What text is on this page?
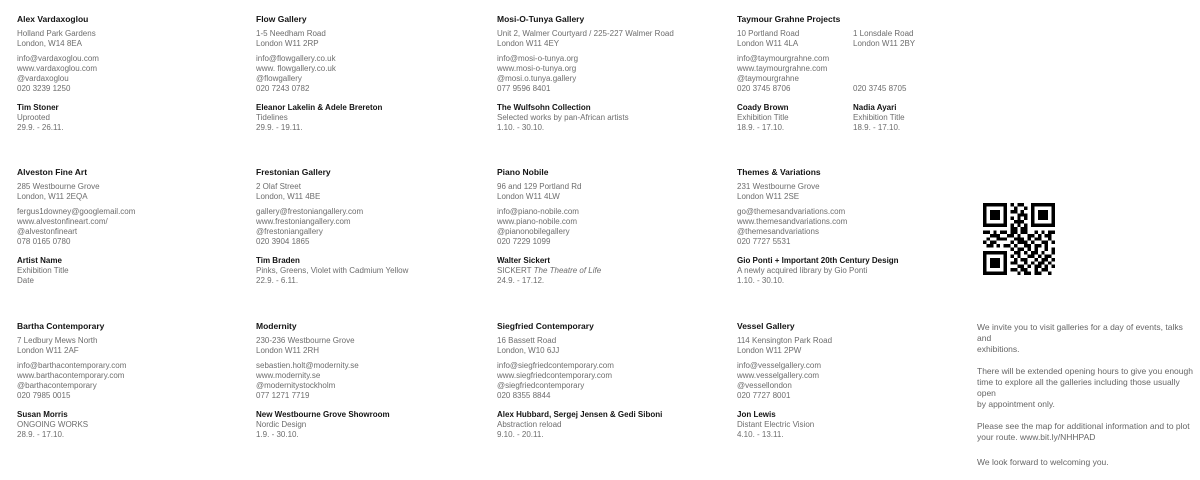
Alex Vardaxoglou
Holland Park Gardens
London, W14 8EA
info@vardaxoglou.com
www.vardaxoglou.com
@vardaxoglou
020 3239 1250
Tim Stoner
Uprooted
29.9. - 26.11.
Alveston Fine Art
285 Westbourne Grove
London, W11 2EQA
fergus1downey@googlemail.com
www.alvestonfineart.com/
@alvestonfineart
078 0165 0780
Artist Name
Exhibition Title
Date
Bartha Contemporary
7 Ledbury Mews North
London W11 2AF
info@barthacontemporary.com
www.barthacontemporary.com
@barthacontemporary
020 7985 0015
Susan Morris
ONGOING WORKS
28.9. - 17.10.
Flow Gallery
1-5 Needham Road
London W11 2RP
info@flowgallery.co.uk
www. flowgallery.co.uk
@flowgallery
020 7243 0782
Eleanor Lakelin & Adele Brereton
Tidelines
29.9. - 19.11.
Frestonian Gallery
2 Olaf Street
London, W11 4BE
gallery@frestoniangallery.com
www.frestoniangallery.com
@frestoniangallery
020 3904 1865
Tim Braden
Pinks, Greens, Violet with Cadmium Yellow
22.9. - 6.11.
Modernity
230-236 Westbourne Grove
London W11 2RH
sebastien.holt@modernity.se
www.modernity.se
@modernitystockholm
077 1271 7719
New Westbourne Grove Showroom
Nordic Design
1.9. - 30.10.
Mosi-O-Tunya Gallery
Unit 2, Walmer Courtyard / 225-227 Walmer Road
London W11 4EY
info@mosi-o-tunya.org
www.mosi-o-tunya.org
@mosi.o.tunya.gallery
077 9596 8401
The Wulfsohn Collection
Selected works by pan-African artists
1.10. - 30.10.
Piano Nobile
96 and 129 Portland Rd
London W11 4LW
info@piano-nobile.com
www.piano-nobile.com
@pianonobilegallery
020 7229 1099
Walter Sickert
SICKERT The Theatre of Life
24.9. - 17.12.
Siegfried Contemporary
16 Bassett Road
London, W10 6JJ
info@siegfriedcontemporary.com
www.siegfriedcontemporary.com
@siegfriedcontemporary
020 8355 8844
Alex Hubbard, Sergej Jensen & Gedi Siboni
Abstraction reload
9.10. - 20.11.
Taymour Grahne Projects
10 Portland Road
London W11 4LA
info@taymourgrahne.com
www.taymourgrahne.com
@taymourgrahne
020 3745 8706
Coady Brown
Exhibition Title
18.9. - 17.10.
1 Lonsdale Road
London W11 2BY
020 3745 8705
Nadia Ayari
Exhibition Title
18.9. - 17.10.
Themes & Variations
231 Westbourne Grove
London W11 2SE
go@themesandvariations.com
www.themesandvariations.com
@themesandvariations
020 7727 5531
Gio Ponti + Important 20th Century Design
A newly acquired library by Gio Ponti
1.10. - 30.10.
Vessel Gallery
114 Kensington Park Road
London W11 2PW
info@vesselgallery.com
www.vesselgallery.com
@vessellondon
020 7727 8001
Jon Lewis
Distant Electric Vision
4.10. - 13.11.
We invite you to visit galleries for a day of events, talks and
exhibitions.
There will be extended opening hours to give you enough
time to explore all the galleries including those usually open
by appointment only.
Please see the map for additional information and to plot
your route. www.bit.ly/NHHPAD
We look forward to welcoming you.
